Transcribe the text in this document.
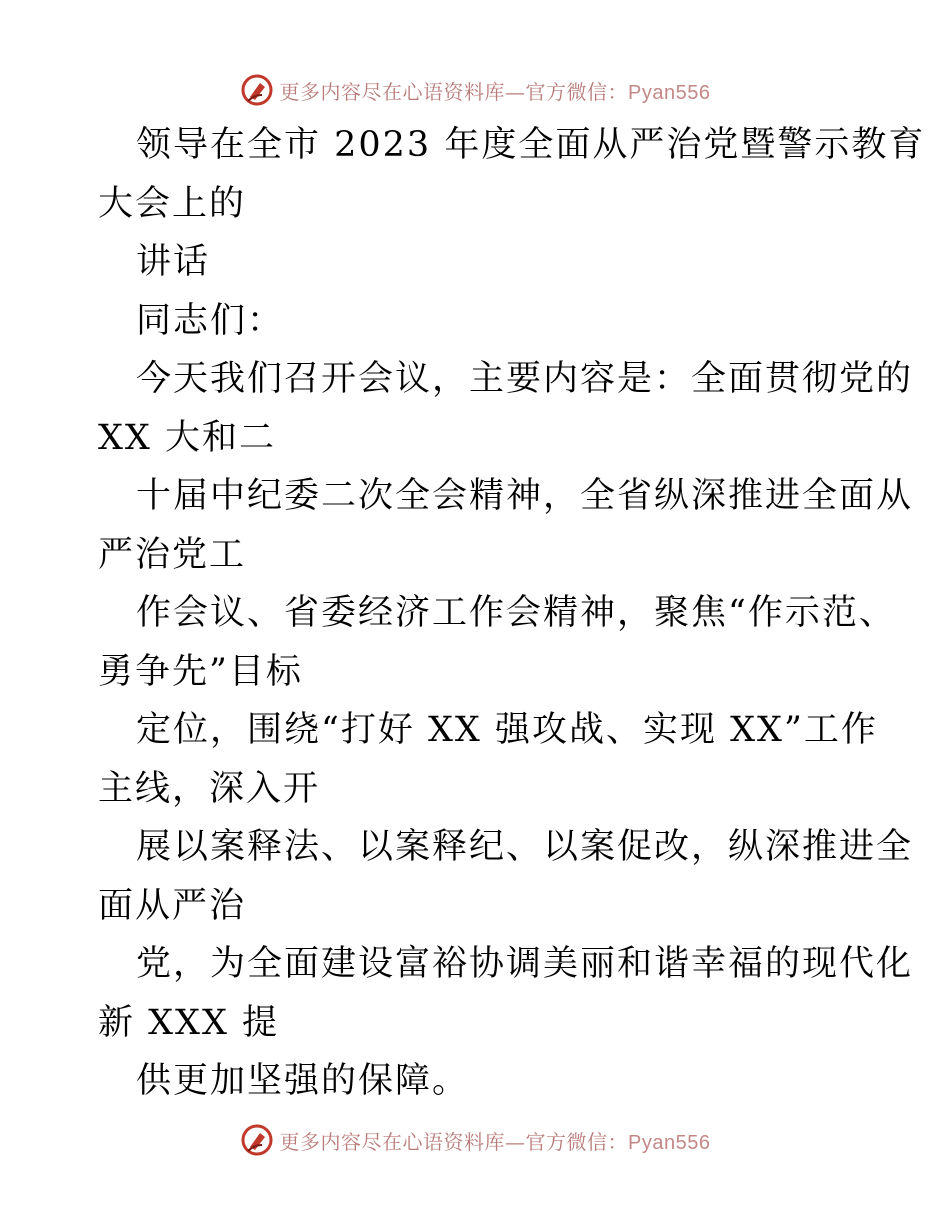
更多内容尽在心语资料库—官方微信：Pyan556
领导在全市 2023 年度全面从严治党暨警示教育
大会上的
讲话
同志们：
今天我们召开会议，主要内容是：全面贯彻党的
XX 大和二
十届中纪委二次全会精神，全省纵深推进全面从
严治党工
作会议、省委经济工作会精神，聚焦“作示范、
勇争先”目标
定位，围绕“打好 XX 强攻战、实现 XX”工作
主线，深入开
展以案释法、以案释纪、以案促改，纵深推进全
面从严治
党，为全面建设富裕协调美丽和谐幸福的现代化
新 XXX 提
供更加坚强的保障。
更多内容尽在心语资料库—官方微信：Pyan556
